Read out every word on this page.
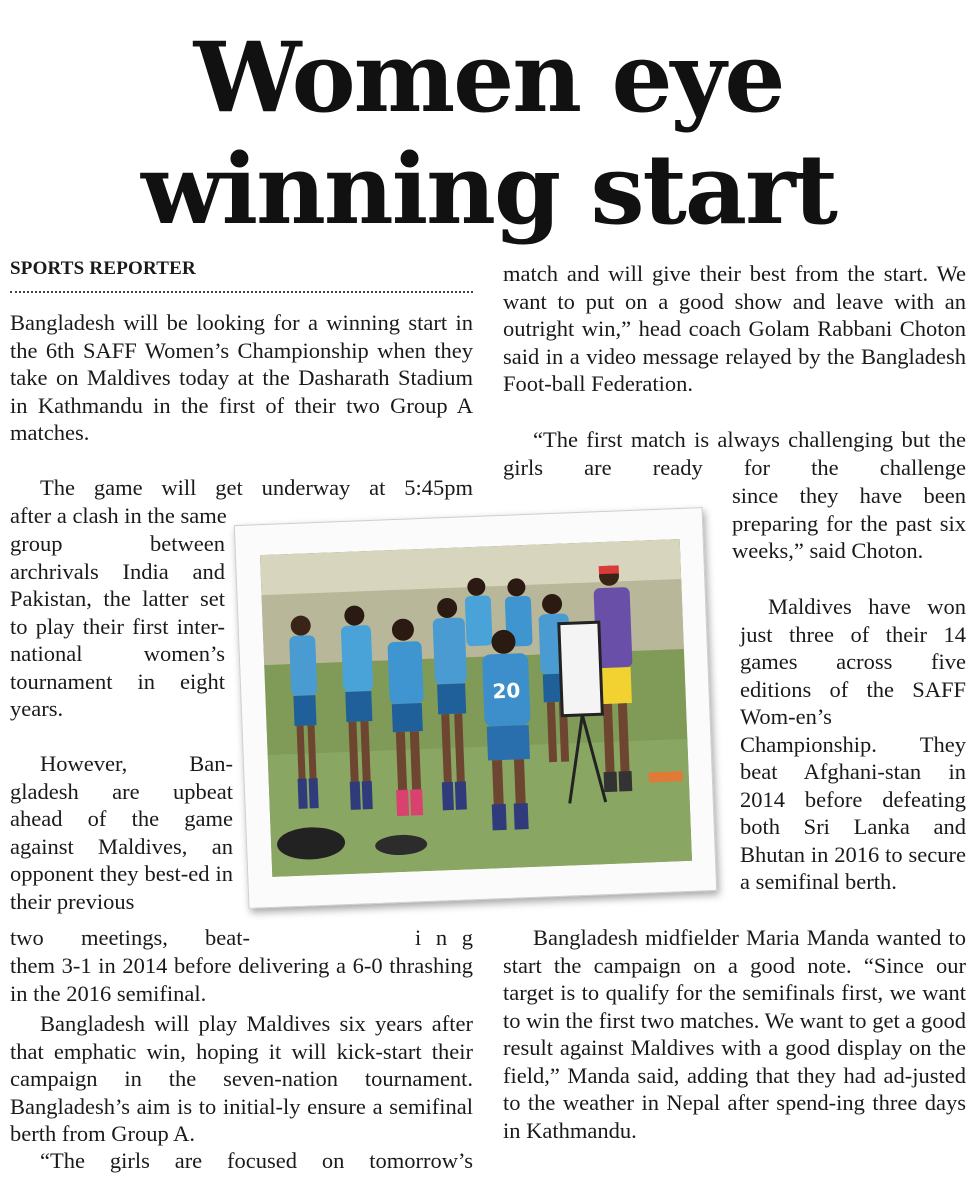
Women eye
winning start
SPORTS REPORTER

Bangladesh will be looking for a winning start in the 6th SAFF Women’s Championship when they take on Maldives today at the Dasharath Stadium in Kathmandu in the first of their two Group A matches.

The game will get underway at 5:45pm

after a clash in the same

group between archrivals India and Pakistan, the latter set to play their first inter-national women’s tournament in eight years.

However, Ban-gladesh are upbeat ahead of the game against Maldives, an opponent they best-ed in their previous

two meetings, beat-	i n g

them 3-1 in 2014 before delivering a 6-0 thrashing in the 2016 semifinal.

Bangladesh will play Maldives six years after that emphatic win, hoping it will kick-start their campaign in the seven-nation tournament. Bangladesh’s aim is to initial-ly ensure a semifinal berth from Group A.

“The girls are focused on tomorrow’s

match and will give their best from the start. We want to put on a good show and leave with an outright win,” head coach Golam Rabbani Choton said in a video message relayed by the Bangladesh Foot-ball Federation.

“The first match is always challenging but the girls are ready for the challenge

since they have been preparing for the past six weeks,” said Choton.

Maldives have won just three of their 14 games across five editions of the SAFF Wom-en’s Championship. They beat Afghani-stan in 2014 before defeating both Sri Lanka and Bhutan in 2016 to secure a semifinal berth.

Bangladesh midfielder Maria Manda wanted to start the campaign on a good note. “Since our target is to qualify for the semifinals first, we want to win the first two matches. We want to get a good result against Maldives with a good display on the field,” Manda said, adding that they had ad-justed to the weather in Nepal after spend-ing three days in Kathmandu.

20
